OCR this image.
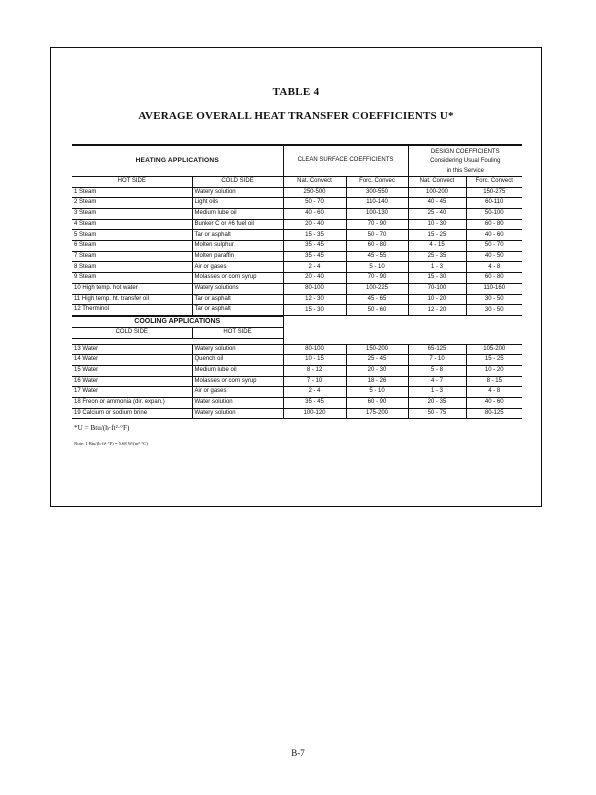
TABLE 4
AVERAGE OVERALL HEAT TRANSFER COEFFICIENTS U*

HEATING APPLICATIONS		CLEAN SURFACE COEFFICIENTS		DESIGN COEFFICIENTS	
				Considering Usual Fouling	
				in this Service	
HOT SIDE	COLD SIDE	Nat. Convect	Forc. Convec	Nat. Convect	Forc. Convect
1 Steam	Watery solution	250-500	300-550	100-200	150-275
2 Steam	Light oils	50 - 70	110-140	40 - 45	60-110
3 Steam	Medium lube oil	40 - 60	100-130	25 - 40	50-100
4 Steam	Bunker C or #6 fuel oil	20 - 40	70 - 90	10 - 30	60 - 80
5 Steam	Tar or asphalt	15 - 35	50 - 70	15 - 25	40 - 60
6 Steam	Molten sulphur	35 - 45	60 - 80	4 - 15	50 - 70
7 Steam	Molten paraffin	35 - 45	45 - 55	25 - 35	40 - 50
8 Steam	Air or gases	2 - 4	5 - 10	1 - 3	4 - 8
9 Steam	Molasses or corn syrup	20 - 40	70 - 90	15 - 30	60 - 80
10 High temp. hot water	Watery solutions	80-100	100-225	70-100	110-160
11 High temp. ht. transfer oil	Tar or asphalt	12 - 30	45 - 65	10 - 20	30 - 50
12 Therminol	Tar or asphalt	15 - 30	50 - 60	12 - 20	30 - 50
COOLING APPLICATIONS					
COLD SIDE	HOT SIDE				

13 Water	Watery solution	80-100	150-200	65-125	105-200
14 Water	Quench oil	10 - 15	25 - 45	7 - 10	15 - 25
15 Water	Medium lube oil	8 - 12	20 - 30	5 - 8	10 - 20
16 Water	Molasses or corn syrup	7 - 10	18 - 26	4 - 7	8 - 15
17 Water	Air or gases	2 - 4	5 - 10	1 - 3	4 - 8
18 Freon or ammonia (dir. expan.)	Water solution	35 - 45	60 - 90	20 - 35	40 - 60
19 Calcium or sodium brine	Watery solution	100-120	175-200	50 - 75	80-125
*U = Btu/(h·ft²·°F)
Note: 1 Btu/(h·ft²·°F) = 5.68 W/(m²·°C)
B-7
